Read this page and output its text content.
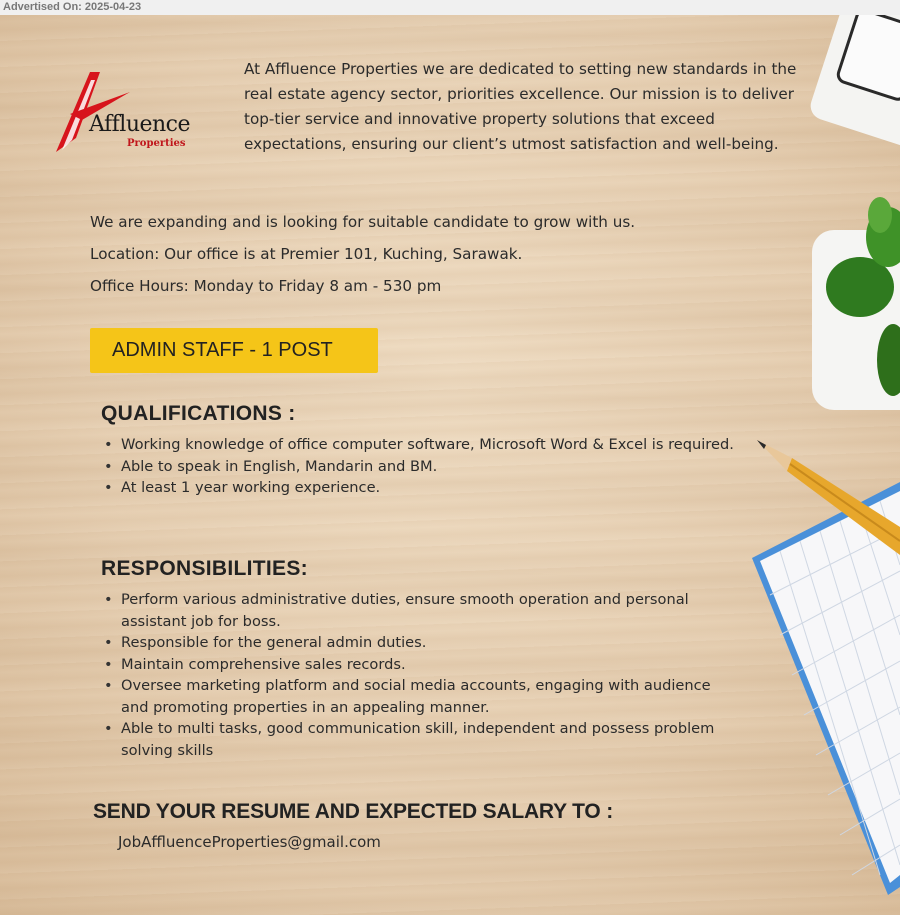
Advertised On: 2025-04-23
Affluence
Properties
At Affluence Properties we are dedicated to setting new standards in the real estate agency sector, priorities excellence. Our mission is to deliver top-tier service and innovative property solutions that exceed expectations, ensuring our client’s utmost satisfaction and well-being.
We are expanding and is looking for suitable candidate to grow with us.
Location: Our office is at Premier 101, Kuching, Sarawak.
Office Hours: Monday to Friday 8 am - 530 pm
ADMIN STAFF - 1 POST
QUALIFICATIONS :
• Working knowledge of office computer software, Microsoft Word & Excel is required.
• Able to speak in English, Mandarin and BM.
• At least 1 year working experience.
RESPONSIBILITIES:
• Perform various administrative duties, ensure smooth operation and personal assistant job for boss.
• Responsible for the general admin duties.
• Maintain comprehensive sales records.
• Oversee marketing platform and social media accounts, engaging with audience and promoting properties in an appealing manner.
• Able to multi tasks, good communication skill, independent and possess problem solving skills
SEND YOUR RESUME AND EXPECTED SALARY TO :
JobAffluenceProperties@gmail.com
